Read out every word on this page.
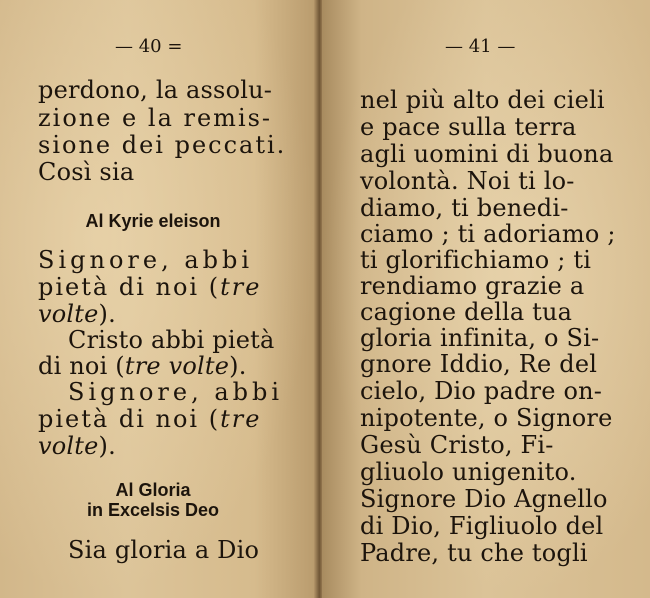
— 40 =
perdono, la assolu-
zione e la remis-
sione dei peccati.
Così sia
Al Kyrie eleison
Signore, abbi
pietà di noi (tre
volte).
Cristo abbi pietà
di noi (tre volte).
Signore, abbi
pietà di noi (tre
volte).
Al Gloria
in Excelsis Deo
Sia gloria a Dio
— 41 —
nel più alto dei cieli
e pace sulla terra
agli uomini di buona
volontà. Noi ti lo-
diamo, ti benedi-
ciamo ; ti adoriamo ;
ti glorifichiamo ; ti
rendiamo grazie a
cagione della tua
gloria infinita, o Si-
gnore Iddio, Re del
cielo, Dio padre on-
nipotente, o Signore
Gesù Cristo, Fi-
gliuolo unigenito.
Signore Dio Agnello
di Dio, Figliuolo del
Padre, tu che togli
